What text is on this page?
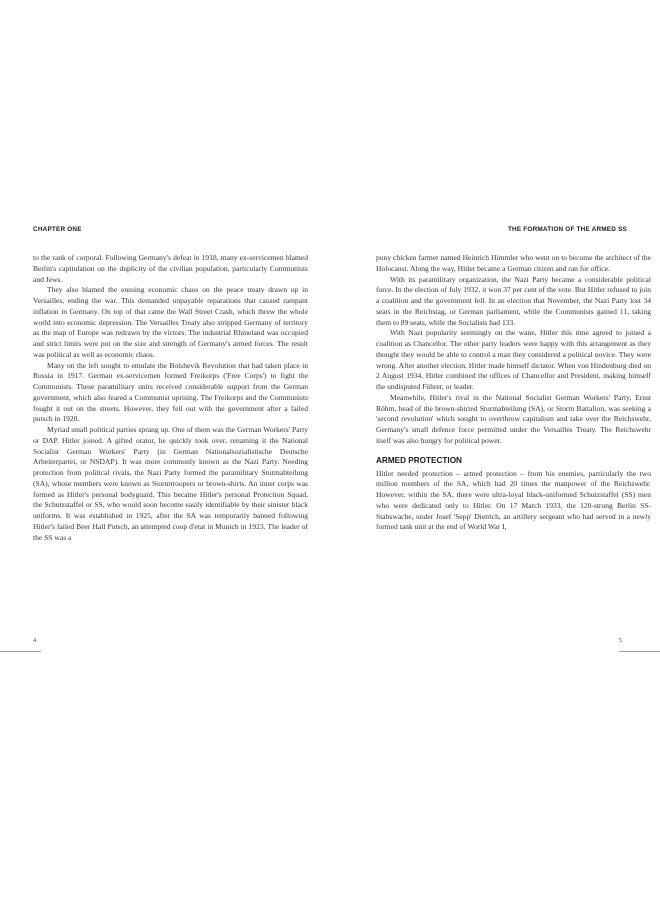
CHAPTER ONE	THE FORMATION OF THE ARMED SS

to the rank of corporal. Following Germany's defeat in 1918, many ex-servicemen blamed Berlin's capitulation on the duplicity of the civilian population, particularly Communists and Jews.

They also blamed the ensuing economic chaos on the peace treaty drawn up in Versailles, ending the war. This demanded unpayable reparations that caused rampant inflation in Germany. On top of that came the Wall Street Crash, which threw the whole world into economic depression. The Versailles Treaty also stripped Germany of territory as the map of Europe was redrawn by the victors. The industrial Rhineland was occupied and strict limits were put on the size and strength of Germany's armed forces. The result was political as well as economic chaos.

Many on the left sought to emulate the Bolshevik Revolution that had taken place in Russia in 1917. German ex-servicemen formed Freikorps ('Free Corps') to fight the Communists. These paramilitary units received considerable support from the German government, which also feared a Communist uprising. The Freikorps and the Communists fought it out on the streets. However, they fell out with the government after a failed putsch in 1920.

Myriad small political parties sprang up. One of them was the German Workers' Party or DAP. Hitler joined. A gifted orator, he quickly took over, renaming it the National Socialist German Workers' Party (in German Nationalsozialistische Deutsche Arbeiterpartei, or NSDAP). It was more commonly known as the Nazi Party. Needing protection from political rivals, the Nazi Party formed the paramilitary Sturmabteilung (SA), whose members were known as Stormtroopers or brown-shirts. An inner corps was formed as Hitler's personal bodyguard. This became Hitler's personal Protection Squad, the Schutzstaffel or SS, who would soon become easily identifiable by their sinister black uniforms. It was established in 1925, after the SA was temporarily banned following Hitler's failed Beer Hall Putsch, an attempted coup d'etat in Munich in 1923. The leader of the SS was a

puny chicken farmer named Heinrich Himmler who went on to become the architect of the Holocaust. Along the way, Hitler became a German citizen and ran for office.

With its paramilitary organization, the Nazi Party became a considerable political force. In the election of July 1932, it won 37 per cent of the vote. But Hitler refused to join a coalition and the government fell. In an election that November, the Nazi Party lost 34 seats in the Reichstag, or German parliament, while the Communists gained 11, taking them to 89 seats, while the Socialists had 133.

With Nazi popularity seemingly on the wane, Hitler this time agreed to joined a coalition as Chancellor. The other party leaders were happy with this arrangement as they thought they would be able to control a man they considered a political novice. They were wrong. After another election, Hitler made himself dictator. When von Hindenburg died on 2 August 1934, Hitler combined the offices of Chancellor and President, making himself the undisputed Führer, or leader.

Meanwhile, Hitler's rival in the National Socialist German Workers' Party, Ernst Röhm, head of the brown-shirted Sturmabteilung (SA), or Storm Battalion, was seeking a 'second revolution' which sought to overthrow capitalism and take over the Reichswehr, Germany's small defence force permitted under the Versailles Treaty. The Reichswehr itself was also hungry for political power.

ARMED PROTECTION

Hitler needed protection – armed protection – from his enemies, particularly the two million members of the SA, which had 20 times the manpower of the Reichswehr. However, within the SA, there were ultra-loyal black-uniformed Schutzstaffel (SS) men who were dedicated only to Hitler. On 17 March 1933, the 120-strong Berlin SS-Stabswache, under Josef 'Sepp' Dietrich, an artillery sergeant who had served in a newly formed tank unit at the end of World War I,

4	5
